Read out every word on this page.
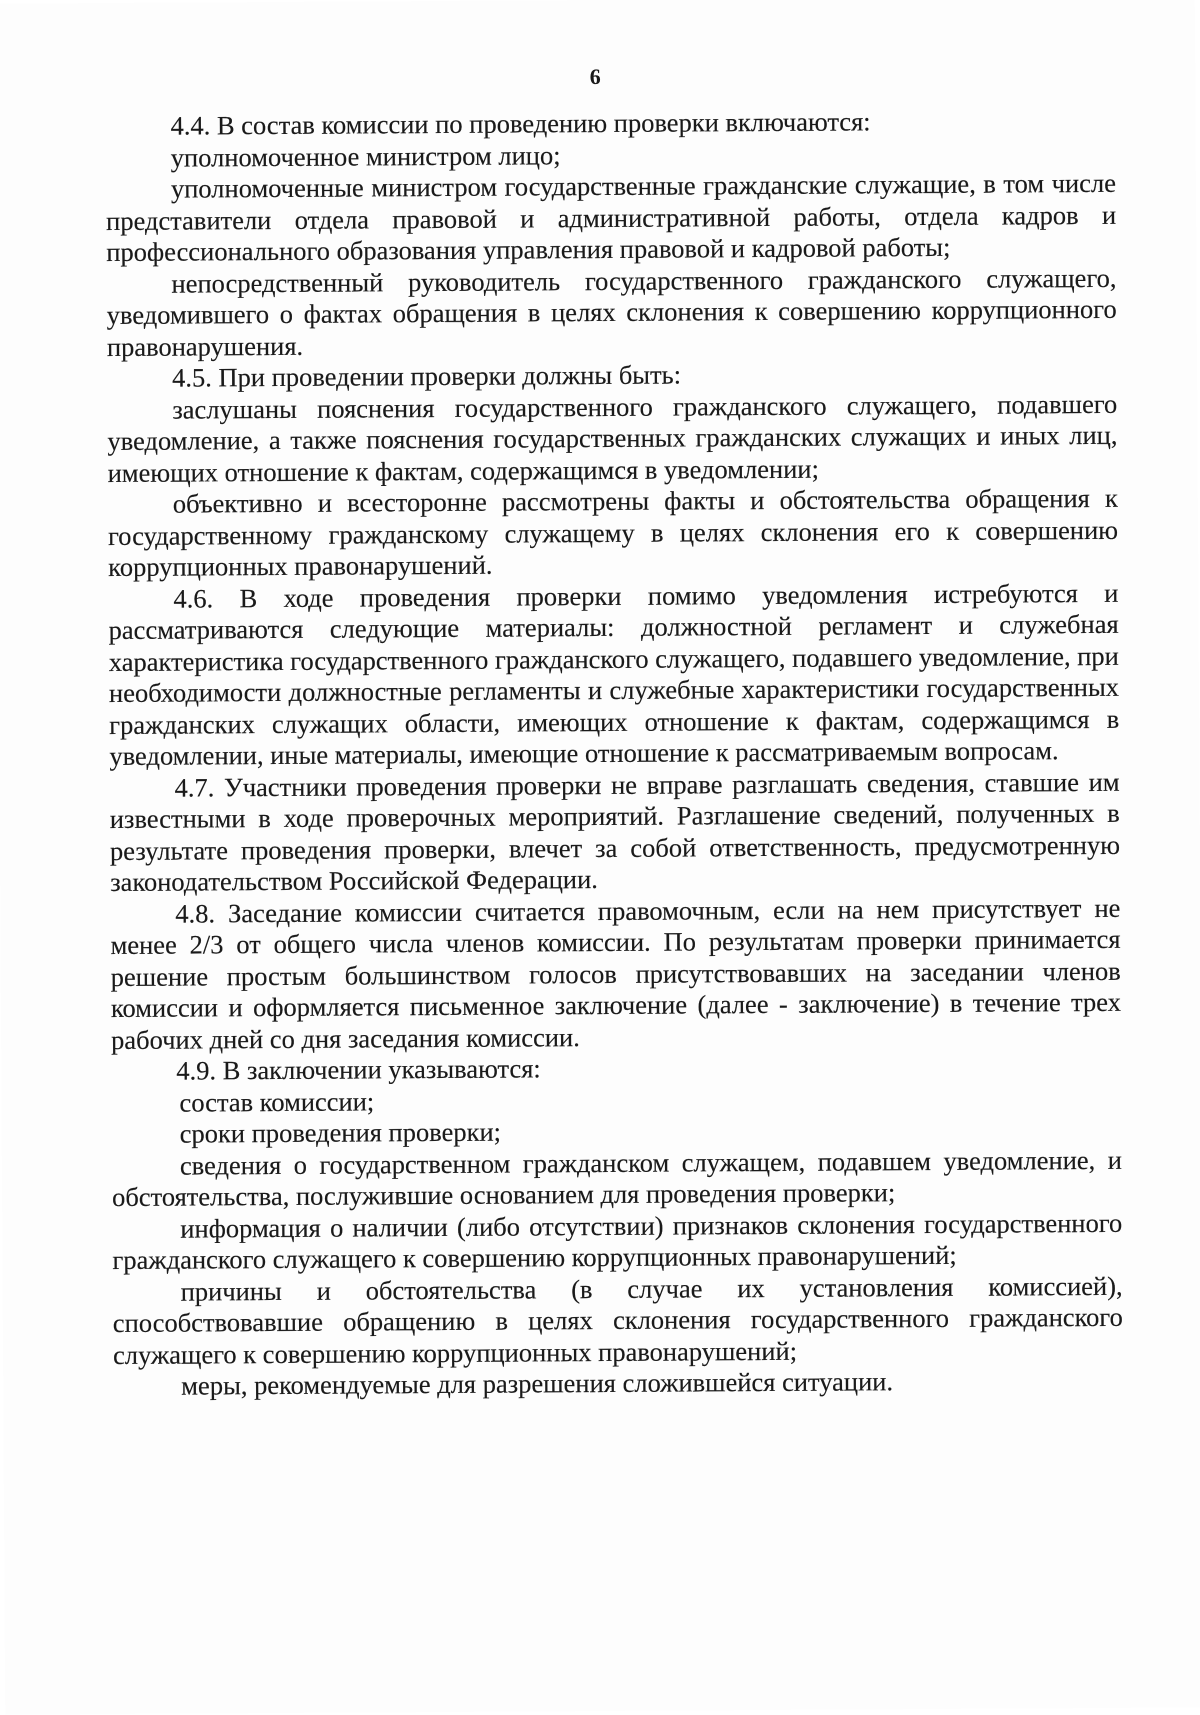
6

4.4. В состав комиссии по проведению проверки включаются:

уполномоченное министром лицо;

уполномоченные министром государственные гражданские служащие, в том числе представители отдела правовой и административной работы, отдела кадров и профессионального образования управления правовой и кадровой работы;

непосредственный руководитель государственного гражданского служащего, уведомившего о фактах обращения в целях склонения к совершению коррупционного правонарушения.

4.5. При проведении проверки должны быть:

заслушаны пояснения государственного гражданского служащего, подавшего уведомление, а также пояснения государственных гражданских служащих и иных лиц, имеющих отношение к фактам, содержащимся в уведомлении;

объективно и всесторонне рассмотрены факты и обстоятельства обращения к государственному гражданскому служащему в целях склонения его к совершению коррупционных правонарушений.

4.6. В ходе проведения проверки помимо уведомления истребуются и рассматриваются следующие материалы: должностной регламент и служебная характеристика государственного гражданского служащего, подавшего уведомление, при необходимости должностные регламенты и служебные характеристики государственных гражданских служащих области, имеющих отношение к фактам, содержащимся в уведомлении, иные материалы, имеющие отношение к рассматриваемым вопросам.

4.7. Участники проведения проверки не вправе разглашать сведения, ставшие им известными в ходе проверочных мероприятий. Разглашение сведений, полученных в результате проведения проверки, влечет за собой ответственность, предусмотренную законодательством Российской Федерации.

4.8. Заседание комиссии считается правомочным, если на нем присутствует не менее 2/3 от общего числа членов комиссии. По результатам проверки принимается решение простым большинством голосов присутствовавших на заседании членов комиссии и оформляется письменное заключение (далее - заключение) в течение трех рабочих дней со дня заседания комиссии.

4.9. В заключении указываются:

состав комиссии;

сроки проведения проверки;

сведения о государственном гражданском служащем, подавшем уведомление, и обстоятельства, послужившие основанием для проведения проверки;

информация о наличии (либо отсутствии) признаков склонения государственного гражданского служащего к совершению коррупционных правонарушений;

причины и обстоятельства (в случае их установления комиссией), способствовавшие обращению в целях склонения государственного гражданского служащего к совершению коррупционных правонарушений;

меры, рекомендуемые для разрешения сложившейся ситуации.
